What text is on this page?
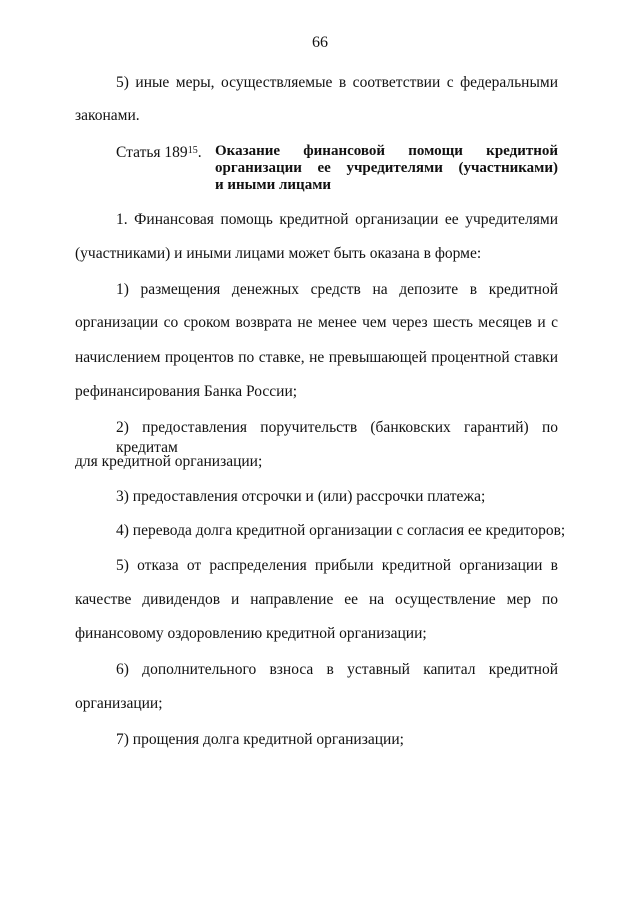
66
5) иные меры, осуществляемые в соответствии с федеральными
законами.
Статья $189^{15}$. Оказание финансовой помощи кредитной
организации ее учредителями (участниками)
и иными лицами
1. Финансовая помощь кредитной организации ее учредителями
(участниками) и иными лицами может быть оказана в форме:
1) размещения денежных средств на депозите в кредитной
организации со сроком возврата не менее чем через шесть месяцев и с
начислением процентов по ставке, не превышающей процентной ставки
рефинансирования Банка России;
2) предоставления поручительств (банковских гарантий) по кредитам
для кредитной организации;
3) предоставления отсрочки и (или) рассрочки платежа;
4) перевода долга кредитной организации с согласия ее кредиторов;
5) отказа от распределения прибыли кредитной организации в
качестве дивидендов и направление ее на осуществление мер по
финансовому оздоровлению кредитной организации;
6) дополнительного взноса в уставный капитал кредитной
организации;
7) прощения долга кредитной организации;
